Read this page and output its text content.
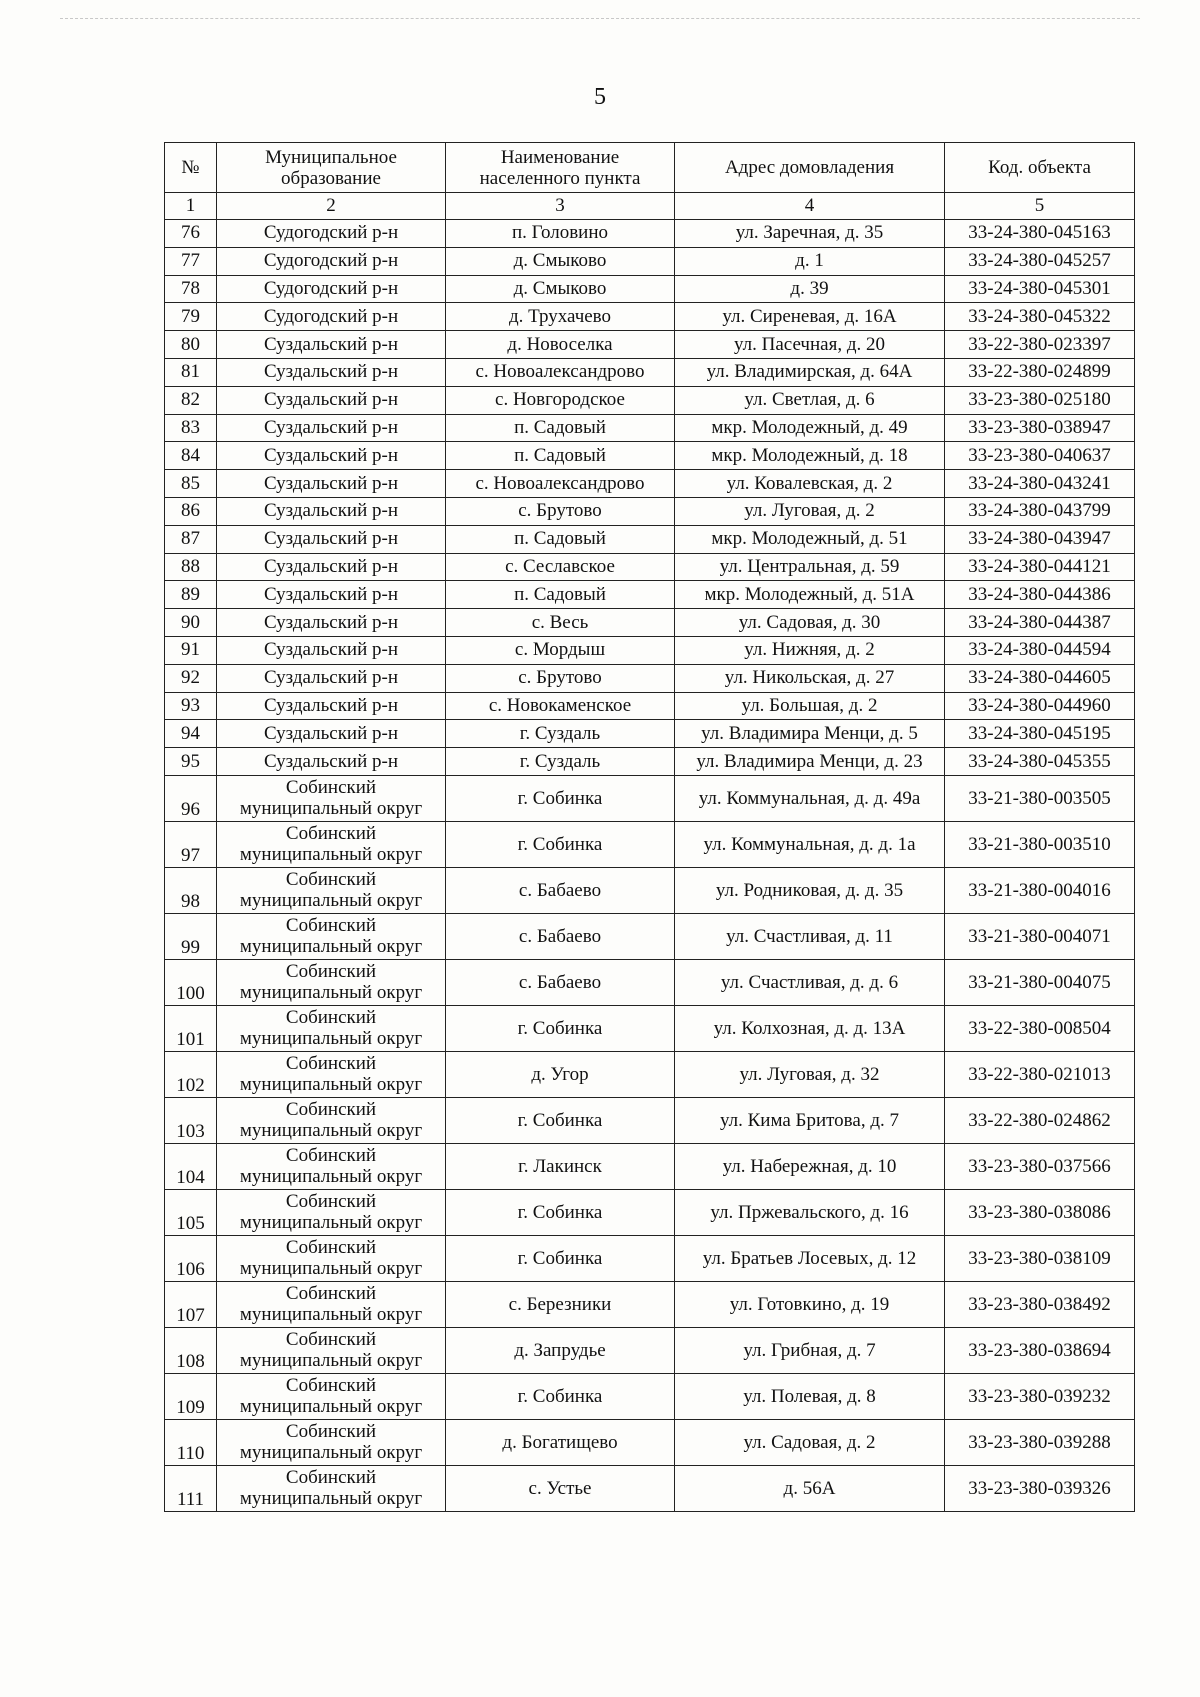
5
№	Муниципальное образование	Наименование населенного пункта	Адрес домовладения	Код. объекта
1	2	3	4	5
76	Судогодский р-н	п. Головино	ул. Заречная, д. 35	33-24-380-045163
77	Судогодский р-н	д. Смыково	д. 1	33-24-380-045257
78	Судогодский р-н	д. Смыково	д. 39	33-24-380-045301
79	Судогодский р-н	д. Трухачево	ул. Сиреневая, д. 16А	33-24-380-045322
80	Суздальский р-н	д. Новоселка	ул. Пасечная, д. 20	33-22-380-023397
81	Суздальский р-н	с. Новоалександрово	ул. Владимирская, д. 64А	33-22-380-024899
82	Суздальский р-н	с. Новгородское	ул. Светлая, д. 6	33-23-380-025180
83	Суздальский р-н	п. Садовый	мкр. Молодежный, д. 49	33-23-380-038947
84	Суздальский р-н	п. Садовый	мкр. Молодежный, д. 18	33-23-380-040637
85	Суздальский р-н	с. Новоалександрово	ул. Ковалевская, д. 2	33-24-380-043241
86	Суздальский р-н	с. Брутово	ул. Луговая, д. 2	33-24-380-043799
87	Суздальский р-н	п. Садовый	мкр. Молодежный, д. 51	33-24-380-043947
88	Суздальский р-н	с. Сеславское	ул. Центральная, д. 59	33-24-380-044121
89	Суздальский р-н	п. Садовый	мкр. Молодежный, д. 51А	33-24-380-044386
90	Суздальский р-н	с. Весь	ул. Садовая, д. 30	33-24-380-044387
91	Суздальский р-н	с. Мордыш	ул. Нижняя, д. 2	33-24-380-044594
92	Суздальский р-н	с. Брутово	ул. Никольская, д. 27	33-24-380-044605
93	Суздальский р-н	с. Новокаменское	ул. Большая, д. 2	33-24-380-044960
94	Суздальский р-н	г. Суздаль	ул. Владимира Менци, д. 5	33-24-380-045195
95	Суздальский р-н	г. Суздаль	ул. Владимира Менци, д. 23	33-24-380-045355
96	Собинский муниципальный округ	г. Собинка	ул. Коммунальная, д. д. 49а	33-21-380-003505
97	Собинский муниципальный округ	г. Собинка	ул. Коммунальная, д. д. 1а	33-21-380-003510
98	Собинский муниципальный округ	с. Бабаево	ул. Родниковая, д. д. 35	33-21-380-004016
99	Собинский муниципальный округ	с. Бабаево	ул. Счастливая, д. 11	33-21-380-004071
100	Собинский муниципальный округ	с. Бабаево	ул. Счастливая, д. д. 6	33-21-380-004075
101	Собинский муниципальный округ	г. Собинка	ул. Колхозная, д. д. 13А	33-22-380-008504
102	Собинский муниципальный округ	д. Угор	ул. Луговая, д. 32	33-22-380-021013
103	Собинский муниципальный округ	г. Собинка	ул. Кима Бритова, д. 7	33-22-380-024862
104	Собинский муниципальный округ	г. Лакинск	ул. Набережная, д. 10	33-23-380-037566
105	Собинский муниципальный округ	г. Собинка	ул. Пржевальского, д. 16	33-23-380-038086
106	Собинский муниципальный округ	г. Собинка	ул. Братьев Лосевых, д. 12	33-23-380-038109
107	Собинский муниципальный округ	с. Березники	ул. Готовкино, д. 19	33-23-380-038492
108	Собинский муниципальный округ	д. Запрудье	ул. Грибная, д. 7	33-23-380-038694
109	Собинский муниципальный округ	г. Собинка	ул. Полевая, д. 8	33-23-380-039232
110	Собинский муниципальный округ	д. Богатищево	ул. Садовая, д. 2	33-23-380-039288
111	Собинский муниципальный округ	с. Устье	д. 56А	33-23-380-039326
